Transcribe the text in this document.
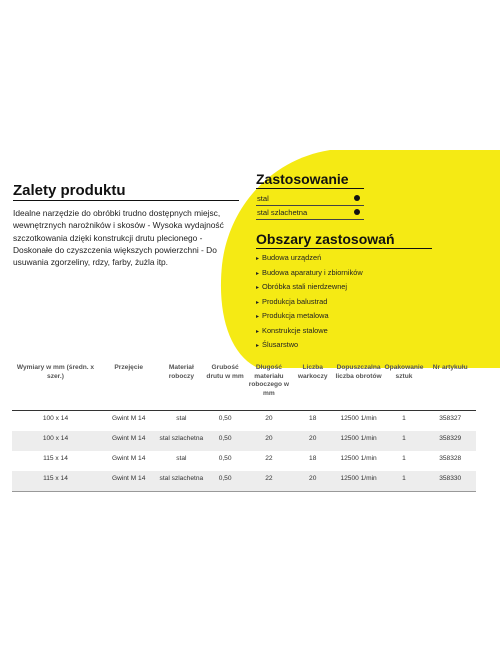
Zalety produktu
Idealne narzędzie do obróbki trudno dostępnych miejsc, wewnętrznych narożników i skosów - Wysoka wydajność szczotkowania dzięki konstrukcji drutu plecionego - Doskonałe do czyszczenia większych powierzchni - Do usuwania zgorzeliny, rdzy, farby, żużla itp.
Zastosowanie
stal
stal szlachetna
Obszary zastosowań
▸ Budowa urządzeń
▸ Budowa aparatury i zbiorników
▸ Obróbka stali nierdzewnej
▸ Produkcja balustrad
▸ Produkcja metalowa
▸ Konstrukcje stalowe
▸ Ślusarstwo
Wymiary w mm (średn. x szer.)	Przejęcie	Materiał roboczy	Grubość drutu w mm	Długość materiału roboczego w mm	Liczba warkoczy	Dopuszczalna liczba obrotów	Opakowanie sztuk	Nr artykułu
100 x 14	Gwint M 14	stal	0,50	20	18	12500 1/min	1	358327
100 x 14	Gwint M 14	stal szlachetna	0,50	20	20	12500 1/min	1	358329
115 x 14	Gwint M 14	stal	0,50	22	18	12500 1/min	1	358328
115 x 14	Gwint M 14	stal szlachetna	0,50	22	20	12500 1/min	1	358330
